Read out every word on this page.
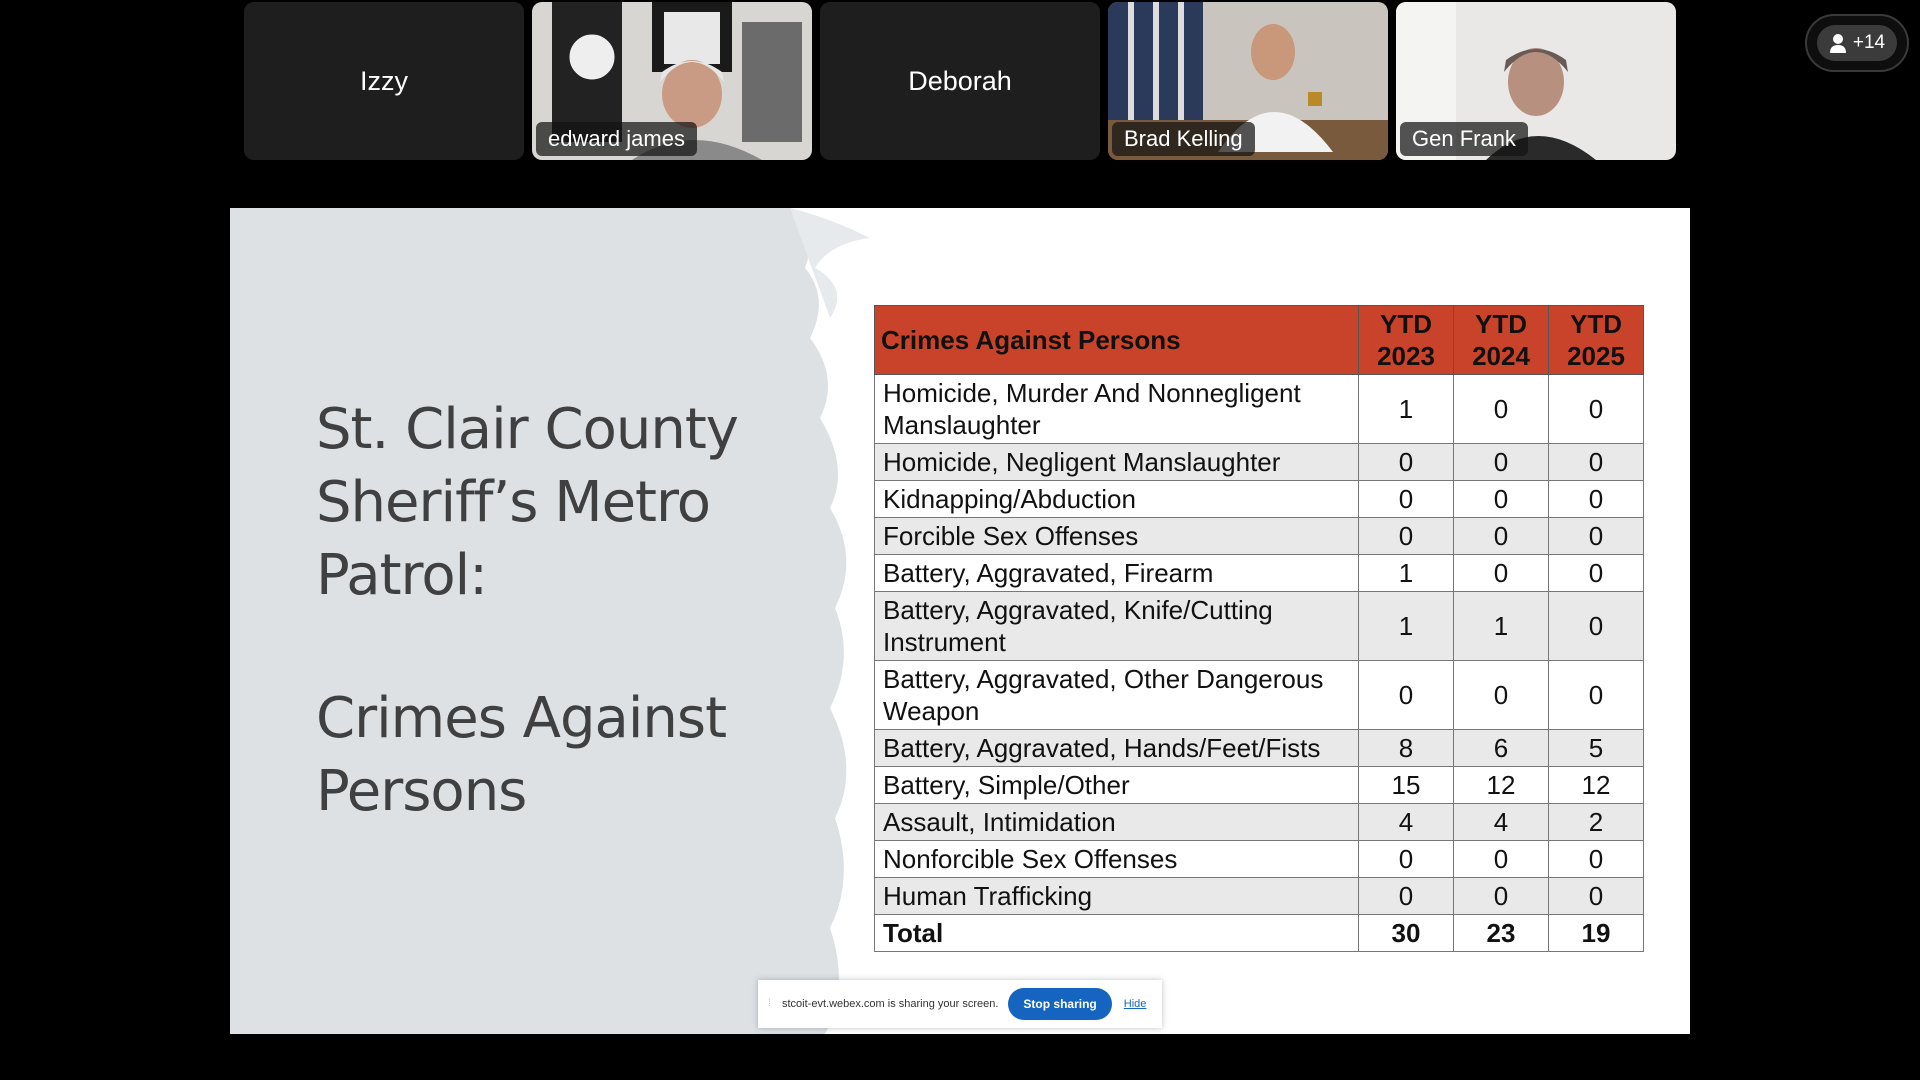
Izzy
edward james
Deborah
Brad Kelling	Gen Frank
+14
St. Clair County
Sheriff’s Metro
Patrol:
Crimes Against
Persons
Crimes Against Persons	YTD 2023	YTD 2024	YTD 2025
Homicide, Murder And Nonnegligent Manslaughter	1	0	0
Homicide, Negligent Manslaughter	0	0	0
Kidnapping/Abduction	0	0	0
Forcible Sex Offenses	0	0	0
Battery, Aggravated, Firearm	1	0	0
Battery, Aggravated, Knife/Cutting Instrument	1	1	0
Battery, Aggravated, Other Dangerous Weapon	0	0	0
Battery, Aggravated, Hands/Feet/Fists	8	6	5
Battery, Simple/Other	15	12	12
Assault, Intimidation	4	4	2
Nonforcible Sex Offenses	0	0	0
Human Trafficking	0	0	0
Total	30	23	19
⁞ stcoit-evt.webex.com is sharing your screen.	Stop sharing	Hide
